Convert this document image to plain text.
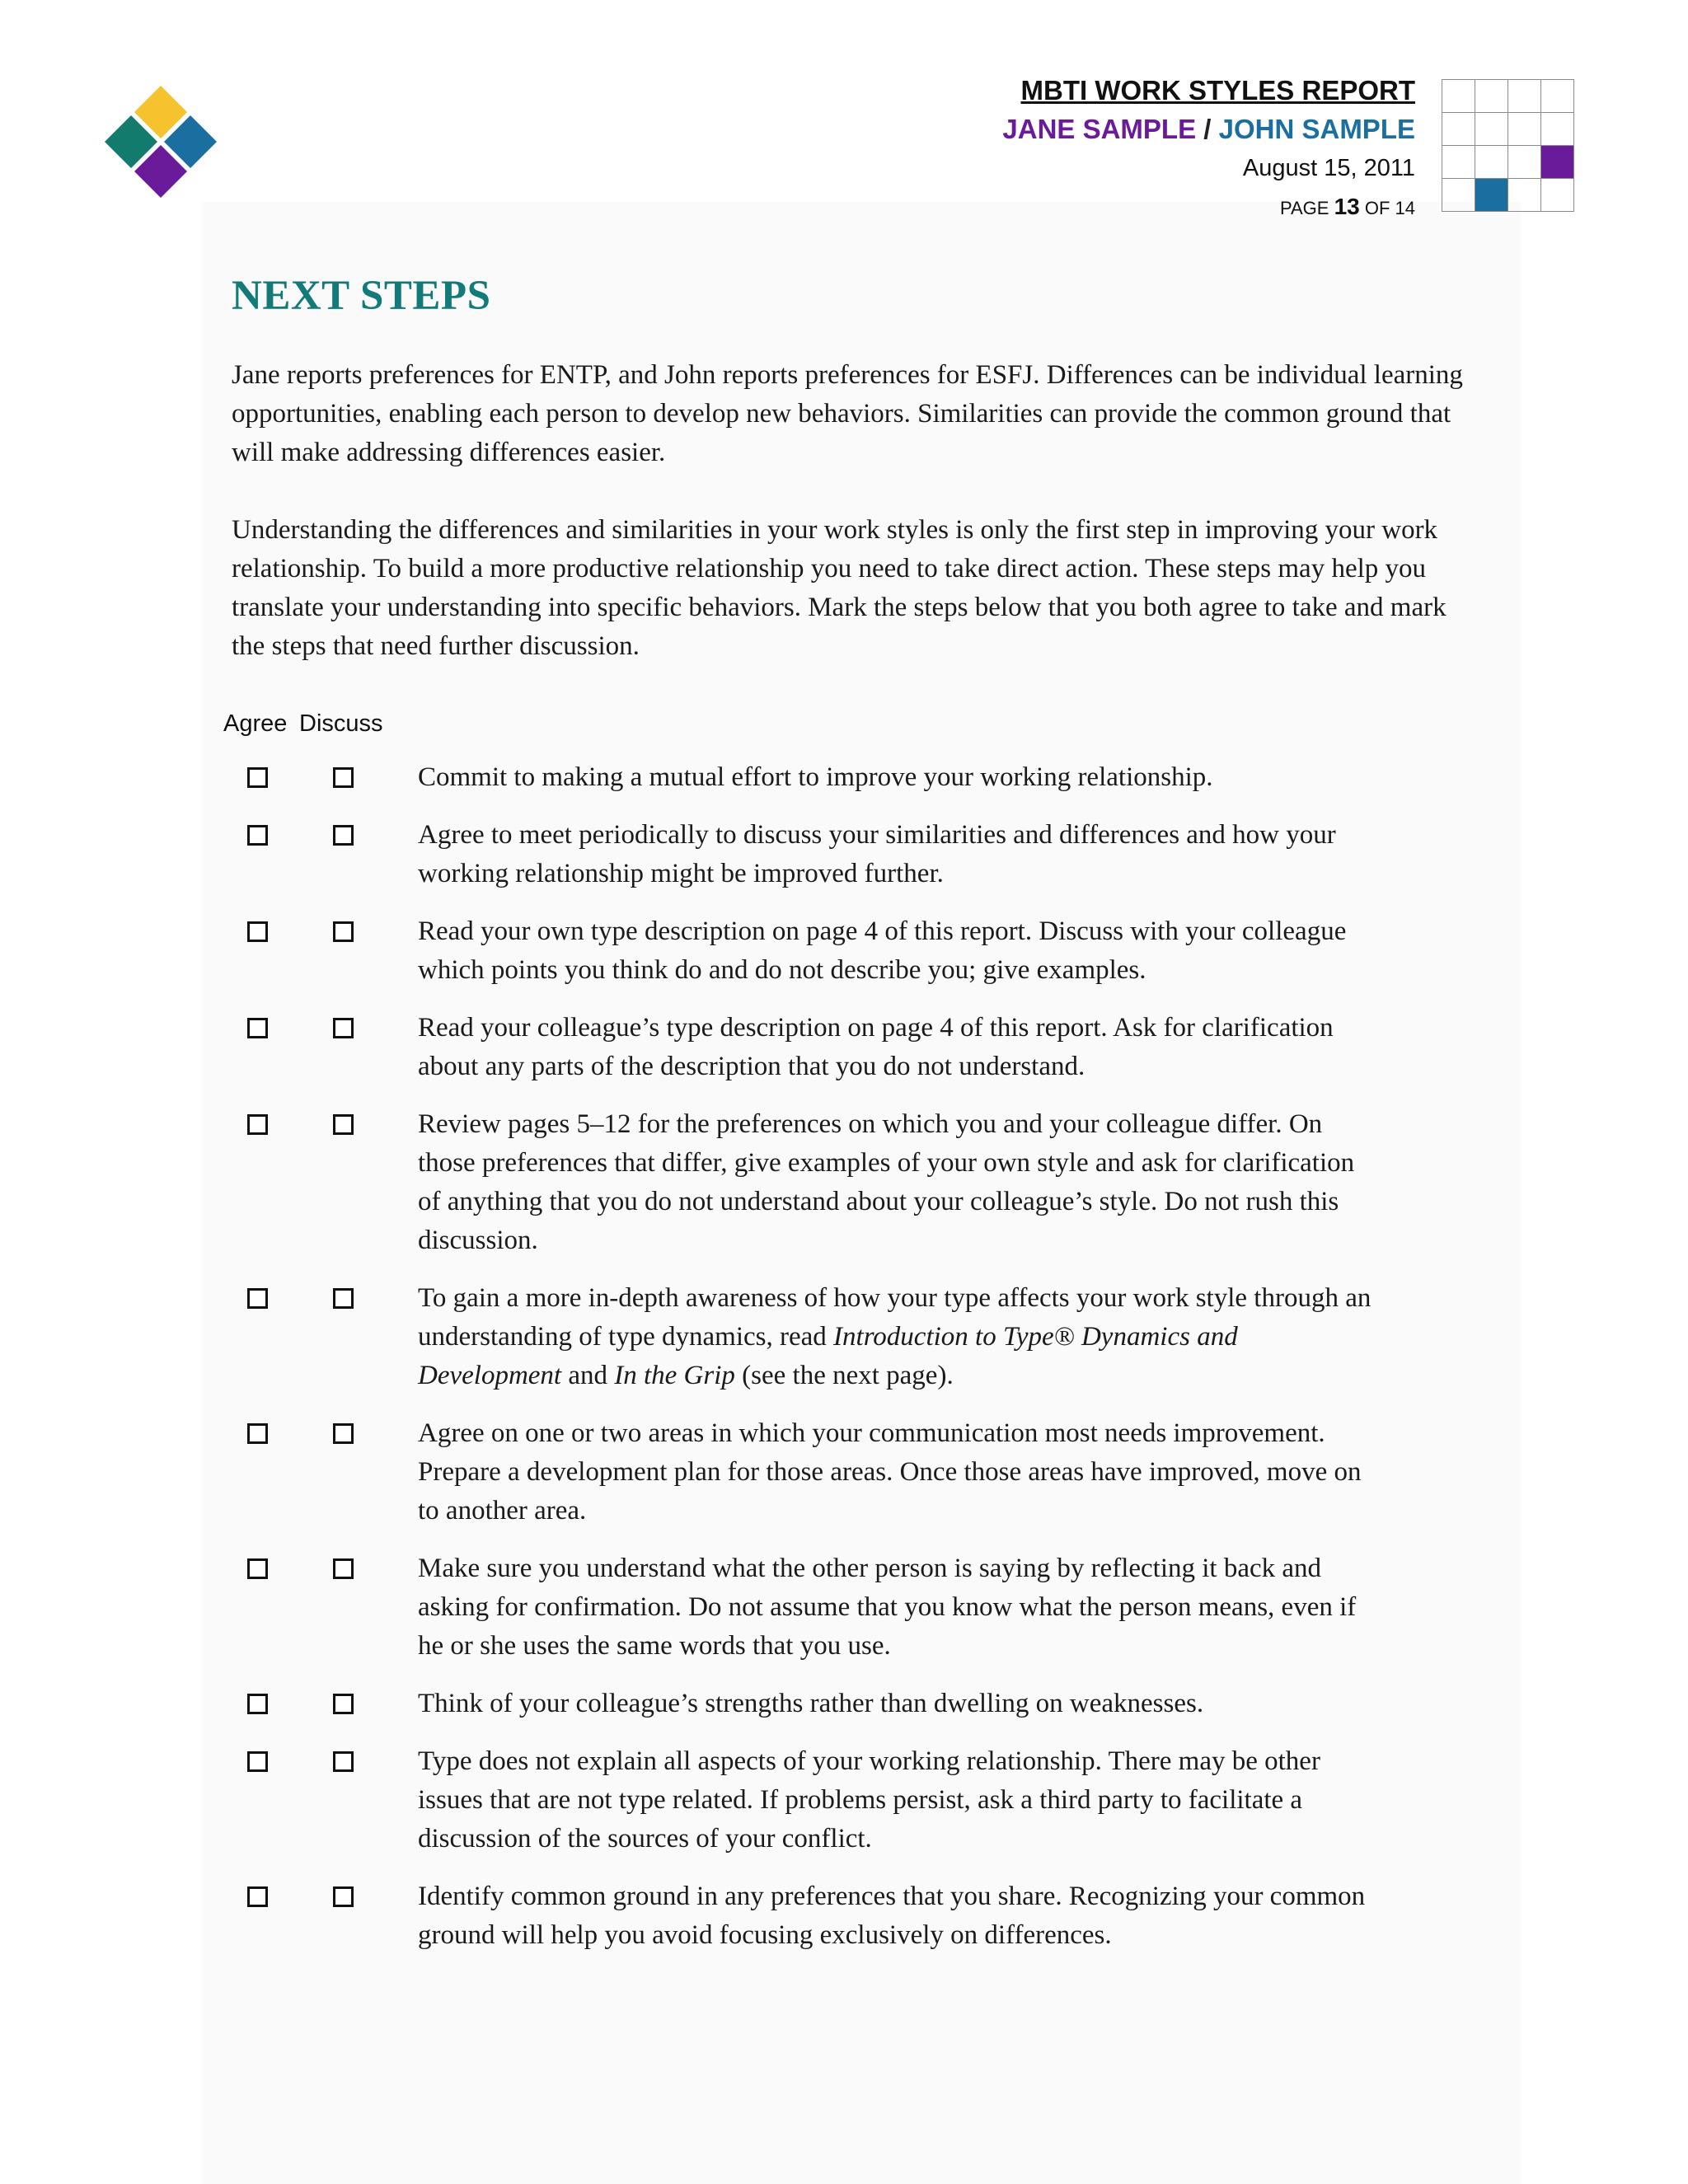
MBTI WORK STYLES REPORT
JANE SAMPLE / JOHN SAMPLE
August 15, 2011
PAGE 13 OF 14
NEXT STEPS

Jane reports preferences for ENTP, and John reports preferences for ESFJ. Differences can be individual learning opportunities, enabling each person to develop new behaviors. Similarities can provide the common ground that will make addressing differences easier.

Understanding the differences and similarities in your work styles is only the first step in improving your work relationship. To build a more productive relationship you need to take direct action. These steps may help you translate your understanding into specific behaviors. Mark the steps below that you both agree to take and mark the steps that need further discussion.

Agree Discuss
Commit to making a mutual effort to improve your working relationship.
Agree to meet periodically to discuss your similarities and differences and how your working relationship might be improved further.
Read your own type description on page 4 of this report. Discuss with your colleague which points you think do and do not describe you; give examples.
Read your colleague’s type description on page 4 of this report. Ask for clarification about any parts of the description that you do not understand.
Review pages 5–12 for the preferences on which you and your colleague differ. On those preferences that differ, give examples of your own style and ask for clarification of anything that you do not understand about your colleague’s style. Do not rush this discussion.
To gain a more in-depth awareness of how your type affects your work style through an understanding of type dynamics, read Introduction to Type® Dynamics and Development and In the Grip (see the next page).
Agree on one or two areas in which your communication most needs improvement. Prepare a development plan for those areas. Once those areas have improved, move on to another area.
Make sure you understand what the other person is saying by reflecting it back and asking for confirmation. Do not assume that you know what the person means, even if he or she uses the same words that you use.
Think of your colleague’s strengths rather than dwelling on weaknesses.
Type does not explain all aspects of your working relationship. There may be other issues that are not type related. If problems persist, ask a third party to facilitate a discussion of the sources of your conflict.
Identify common ground in any preferences that you share. Recognizing your common ground will help you avoid focusing exclusively on differences.
